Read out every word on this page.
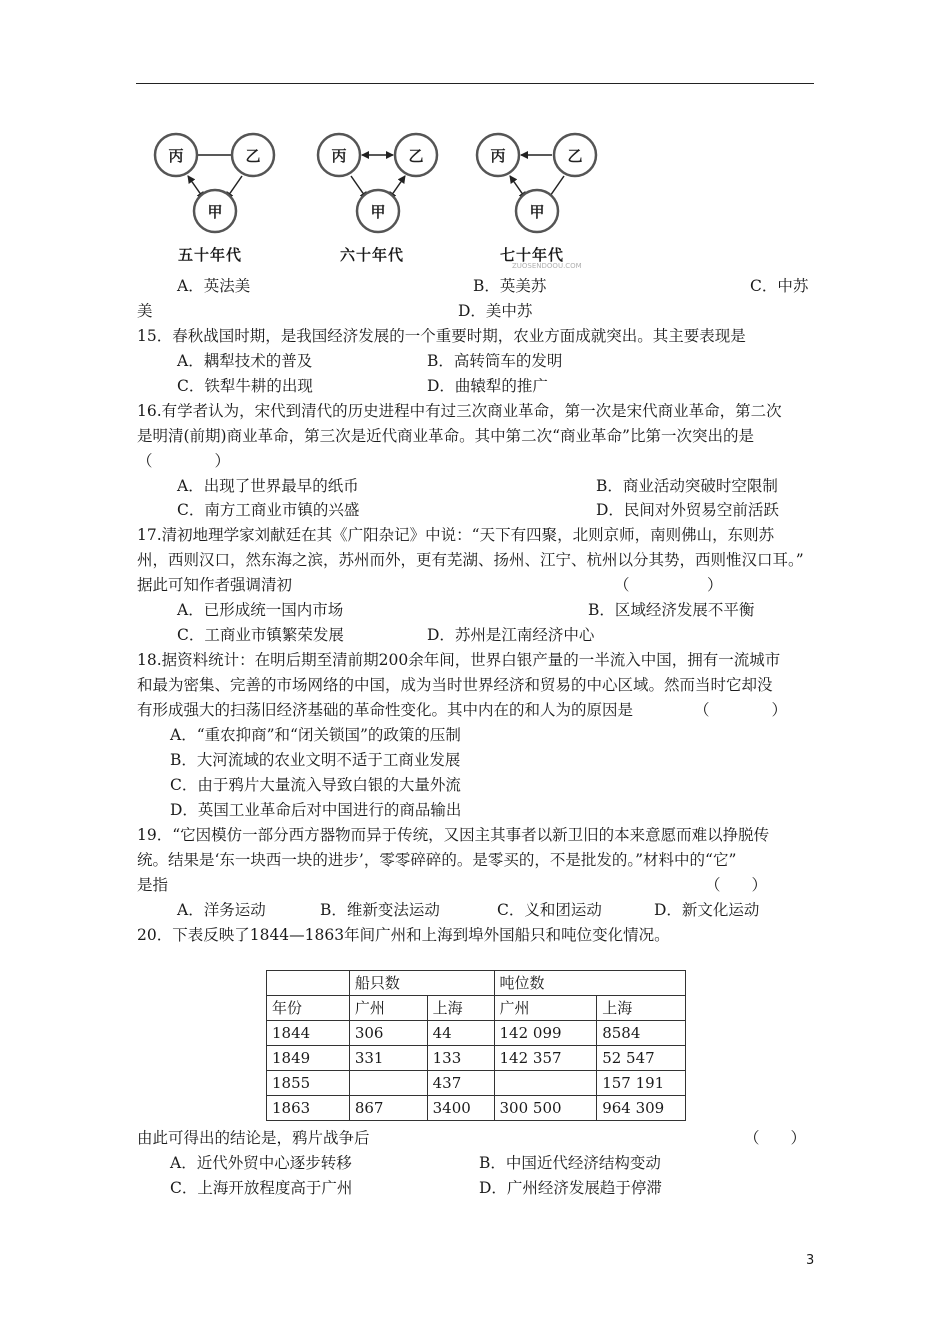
丙	乙
甲
丙	乙
甲
丙	乙
甲
五十年代	六十年代	七十年代
ZUOSENDOOU.COM
A．英法美	B．英美苏	C．中苏
美	D．美中苏
15．春秋战国时期，是我国经济发展的一个重要时期，农业方面成就突出。其主要表现是
A．耦犁技术的普及	B．高转筒车的发明
C．铁犁牛耕的出现	D．曲辕犁的推广
16.有学者认为，宋代到清代的历史进程中有过三次商业革命，第一次是宋代商业革命，第二次
是明清(前期)商业革命，第三次是近代商业革命。其中第二次“商业革命”比第一次突出的是
（　　　　）
A．出现了世界最早的纸币	B．商业活动突破时空限制
C．南方工商业市镇的兴盛	D．民间对外贸易空前活跃
17.清初地理学家刘献廷在其《广阳杂记》中说：“天下有四聚，北则京师，南则佛山，东则苏
州，西则汉口，然东海之滨，苏州而外，更有芜湖、扬州、江宁、杭州以分其势，西则惟汉口耳。”
据此可知作者强调清初	（　　　　　）
A．已形成统一国内市场	B．区域经济发展不平衡
C．工商业市镇繁荣发展	D．苏州是江南经济中心
18.据资料统计：在明后期至清前期200余年间，世界白银产量的一半流入中国，拥有一流城市
和最为密集、完善的市场网络的中国，成为当时世界经济和贸易的中心区域。然而当时它却没
有形成强大的扫荡旧经济基础的革命性变化。其中内在的和人为的原因是	（　　　　）
A．“重农抑商”和“闭关锁国”的政策的压制
B．大河流域的农业文明不适于工商业发展
C．由于鸦片大量流入导致白银的大量外流
D．英国工业革命后对中国进行的商品输出
19．“它因模仿一部分西方器物而异于传统，又因主其事者以新卫旧的本来意愿而难以挣脱传
统。结果是‘东一块西一块的进步’，零零碎碎的。是零买的，不是批发的。”材料中的“它”
是指	（　　）
A．洋务运动	B．维新变法运动	C．义和团运动	D．新文化运动
20．下表反映了1844—1863年间广州和上海到埠外国船只和吨位变化情况。
	船只数		吨位数	
年份	广州	上海	广州	上海
1844	306	44	142 099	8584
1849	331	133	142 357	52 547
1855		437		157 191
1863	867	3400	300 500	964 309
由此可得出的结论是，鸦片战争后	（　　）
A．近代外贸中心逐步转移	B．中国近代经济结构变动
C．上海开放程度高于广州	D．广州经济发展趋于停滞
3
